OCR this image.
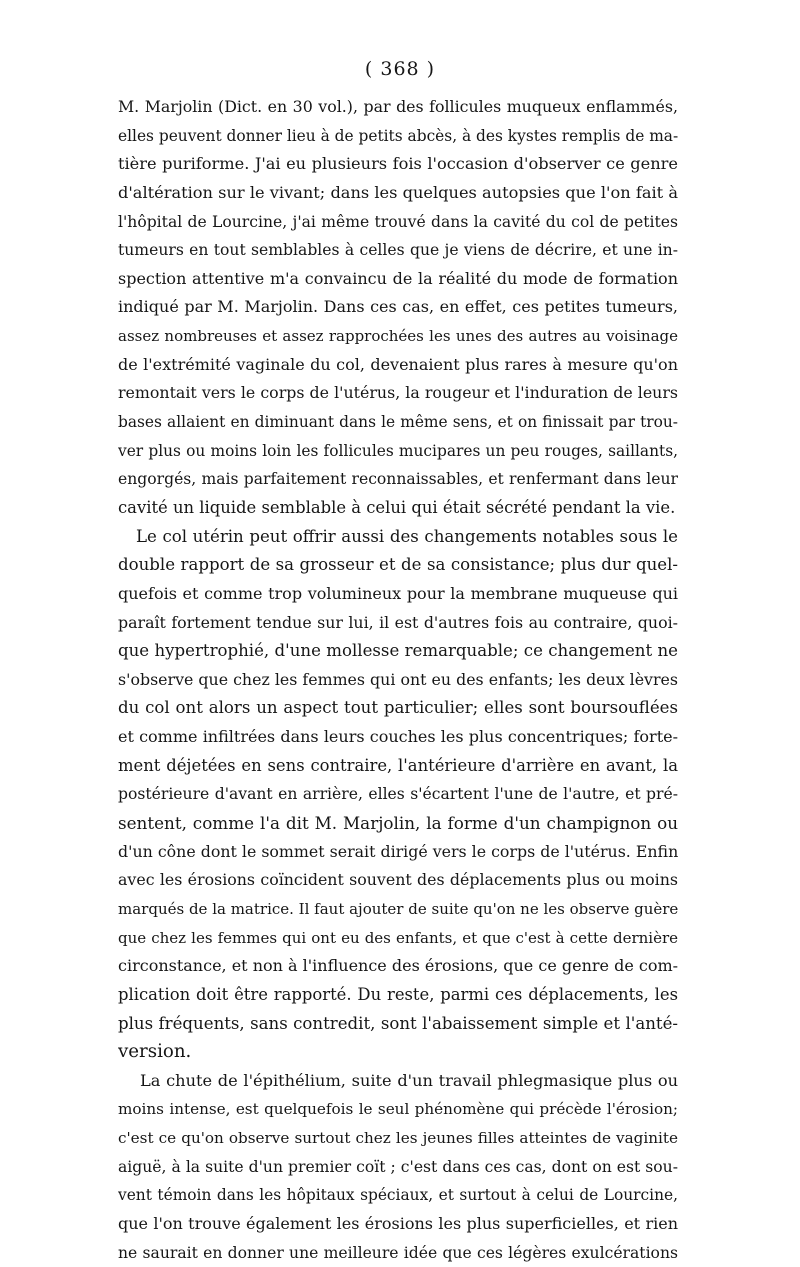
( 368 )
M. Marjolin (Dict. en 30 vol.), par des follicules muqueux enflammés,
elles peuvent donner lieu à de petits abcès, à des kystes remplis de ma-
tière puriforme. J'ai eu plusieurs fois l'occasion d'observer ce genre
d'altération sur le vivant; dans les quelques autopsies que l'on fait à
l'hôpital de Lourcine, j'ai même trouvé dans la cavité du col de petites
tumeurs en tout semblables à celles que je viens de décrire, et une in-
spection attentive m'a convaincu de la réalité du mode de formation
indiqué par M. Marjolin. Dans ces cas, en effet, ces petites tumeurs,
assez nombreuses et assez rapprochées les unes des autres au voisinage
de l'extrémité vaginale du col, devenaient plus rares à mesure qu'on
remontait vers le corps de l'utérus, la rougeur et l'induration de leurs
bases allaient en diminuant dans le même sens, et on finissait par trou-
ver plus ou moins loin les follicules mucipares un peu rouges, saillants,
engorgés, mais parfaitement reconnaissables, et renfermant dans leur
cavité un liquide semblable à celui qui était sécrété pendant la vie.
Le col utérin peut offrir aussi des changements notables sous le
double rapport de sa grosseur et de sa consistance; plus dur quel-
quefois et comme trop volumineux pour la membrane muqueuse qui
paraît fortement tendue sur lui, il est d'autres fois au contraire, quoi-
que hypertrophié, d'une mollesse remarquable; ce changement ne
s'observe que chez les femmes qui ont eu des enfants; les deux lèvres
du col ont alors un aspect tout particulier; elles sont boursouflées
et comme infiltrées dans leurs couches les plus concentriques; forte-
ment déjetées en sens contraire, l'antérieure d'arrière en avant, la
postérieure d'avant en arrière, elles s'écartent l'une de l'autre, et pré-
sentent, comme l'a dit M. Marjolin, la forme d'un champignon ou
d'un cône dont le sommet serait dirigé vers le corps de l'utérus. Enfin
avec les érosions coïncident souvent des déplacements plus ou moins
marqués de la matrice. Il faut ajouter de suite qu'on ne les observe guère
que chez les femmes qui ont eu des enfants, et que c'est à cette dernière
circonstance, et non à l'influence des érosions, que ce genre de com-
plication doit être rapporté. Du reste, parmi ces déplacements, les
plus fréquents, sans contredit, sont l'abaissement simple et l'anté-
version.
La chute de l'épithélium, suite d'un travail phlegmasique plus ou
moins intense, est quelquefois le seul phénomène qui précède l'érosion;
c'est ce qu'on observe surtout chez les jeunes filles atteintes de vaginite
aiguë, à la suite d'un premier coït ; c'est dans ces cas, dont on est sou-
vent témoin dans les hôpitaux spéciaux, et surtout à celui de Lourcine,
que l'on trouve également les érosions les plus superficielles, et rien
ne saurait en donner une meilleure idée que ces légères exulcérations
